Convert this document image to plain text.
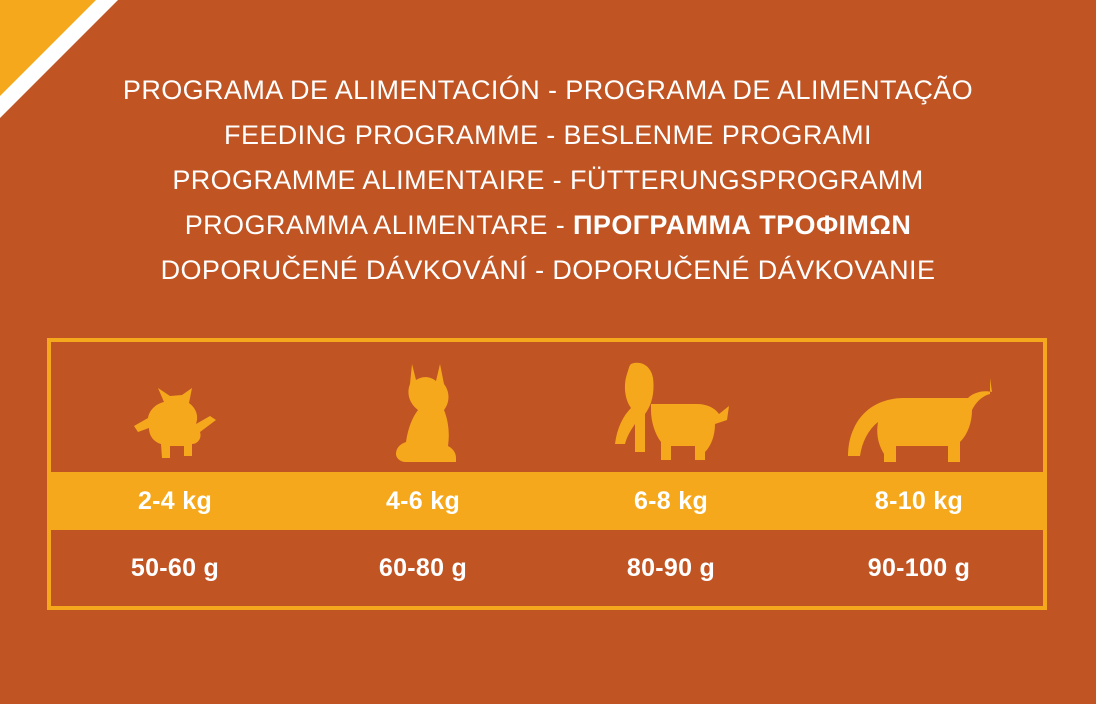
PROGRAMA DE ALIMENTACIÓN - PROGRAMA DE ALIMENTAÇÃO
FEEDING PROGRAMME - BESLENME PROGRAMI
PROGRAMME ALIMENTAIRE - FÜTTERUNGSPROGRAMM
PROGRAMMA ALIMENTARE - ΠΡΟΓΡΑΜΜΑ ΤΡΟΦΙΜΩΝ
DOPORUČENÉ DÁVKOVÁNÍ - DOPORUČENÉ DÁVKOVANIE
2-4 kg	4-6 kg	6-8 kg	8-10 kg
50-60 g	60-80 g	80-90 g	90-100 g
